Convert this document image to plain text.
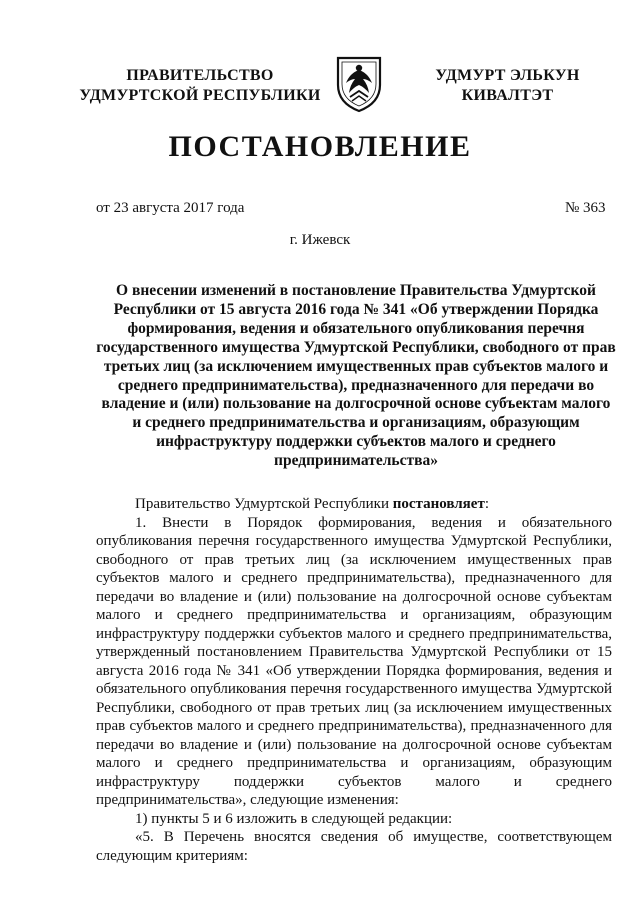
ПРАВИТЕЛЬСТВО
УДМУРТСКОЙ РЕСПУБЛИКИ
УДМУРТ ЭЛЬКУН
КИВАЛТЭТ
ПОСТАНОВЛЕНИЕ
от 23 августа 2017 года	№ 363
г. Ижевск
О внесении изменений в постановление Правительства Удмуртской Республики от 15 августа 2016 года № 341 «Об утверждении Порядка формирования, ведения и обязательного опубликования перечня государственного имущества Удмуртской Республики, свободного от прав третьих лиц (за исключением имущественных прав субъектов малого и среднего предпринимательства), предназначенного для передачи во владение и (или) пользование на долгосрочной основе субъектам малого и среднего предпринимательства и организациям, образующим инфраструктуру поддержки субъектов малого и среднего предпринимательства»

Правительство Удмуртской Республики постановляет:

1. Внести в Порядок формирования, ведения и обязательного опубликования перечня государственного имущества Удмуртской Республики, свободного от прав третьих лиц (за исключением имущественных прав субъектов малого и среднего предпринимательства), предназначенного для передачи во владение и (или) пользование на долгосрочной основе субъектам малого и среднего предпринимательства и организациям, образующим инфраструктуру поддержки субъектов малого и среднего предпринимательства, утвержденный постановлением Правительства Удмуртской Республики от 15 августа 2016 года № 341 «Об утверждении Порядка формирования, ведения и обязательного опубликования перечня государственного имущества Удмуртской Республики, свободного от прав третьих лиц (за исключением имущественных прав субъектов малого и среднего предпринимательства), предназначенного для передачи во владение и (или) пользование на долгосрочной основе субъектам малого и среднего предпринимательства и организациям, образующим инфраструктуру поддержки субъектов малого и среднего предпринимательства», следующие изменения:

1) пункты 5 и 6 изложить в следующей редакции:

«5. В Перечень вносятся сведения об имуществе, соответствующем следующим критериям:
